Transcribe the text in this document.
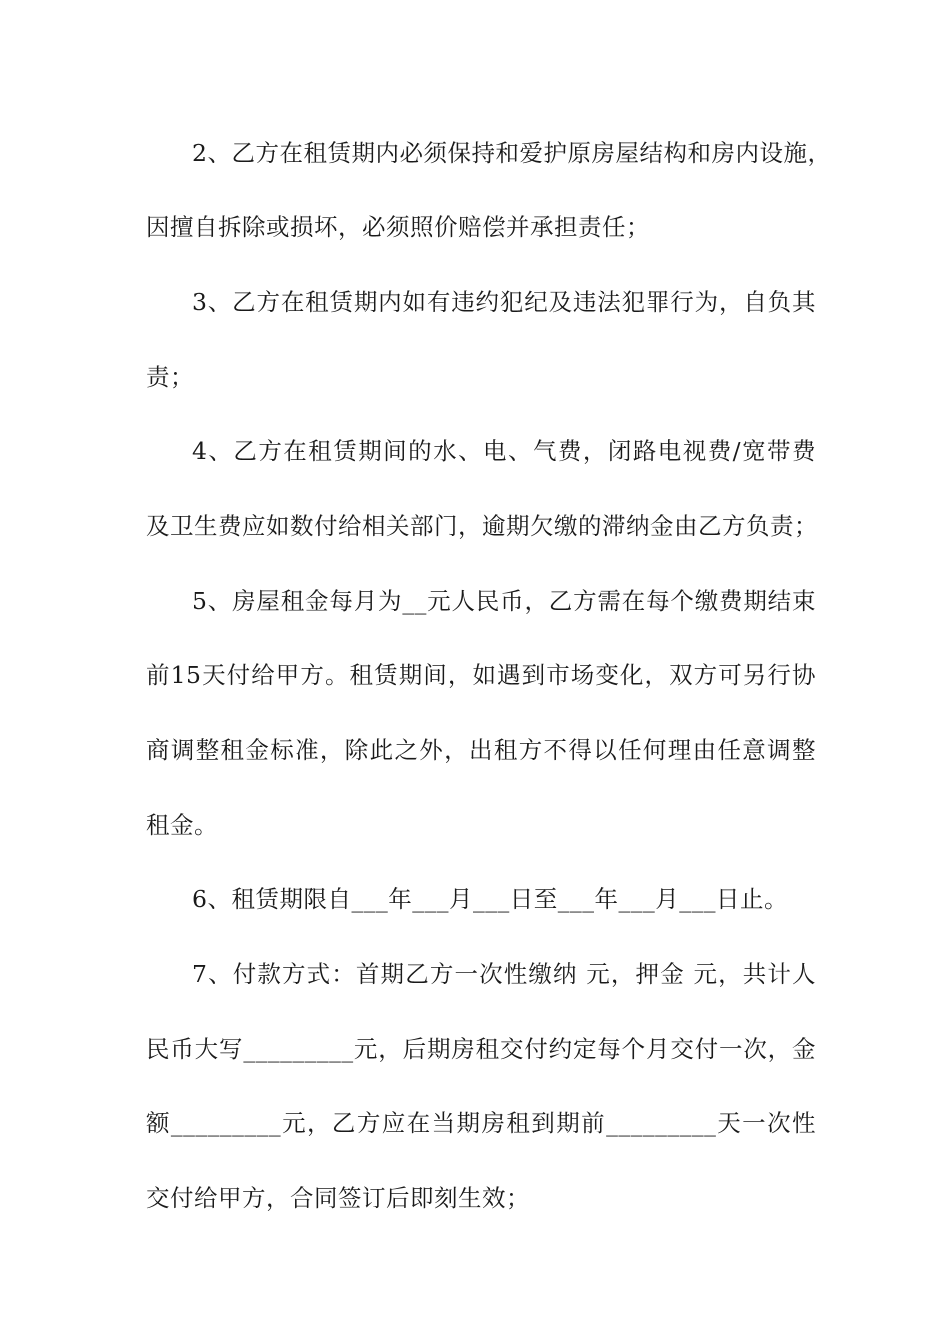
2、乙方在租赁期内必须保持和爱护原房屋结构和房内设施，
因擅自拆除或损坏，必须照价赔偿并承担责任；
3、乙方在租赁期内如有违约犯纪及违法犯罪行为，自负其
责；
4、乙方在租赁期间的水、电、气费，闭路电视费/宽带费
及卫生费应如数付给相关部门，逾期欠缴的滞纳金由乙方负责；
5、房屋租金每月为__元人民币，乙方需在每个缴费期结束
前15天付给甲方。租赁期间，如遇到市场变化，双方可另行协
商调整租金标准，除此之外，出租方不得以任何理由任意调整
租金。
6、租赁期限自___年___月___日至___年___月___日止。
7、付款方式：首期乙方一次性缴纳 元，押金 元，共计人
民币大写_________元，后期房租交付约定每个月交付一次，金
额_________元，乙方应在当期房租到期前_________天一次性
交付给甲方，合同签订后即刻生效；
